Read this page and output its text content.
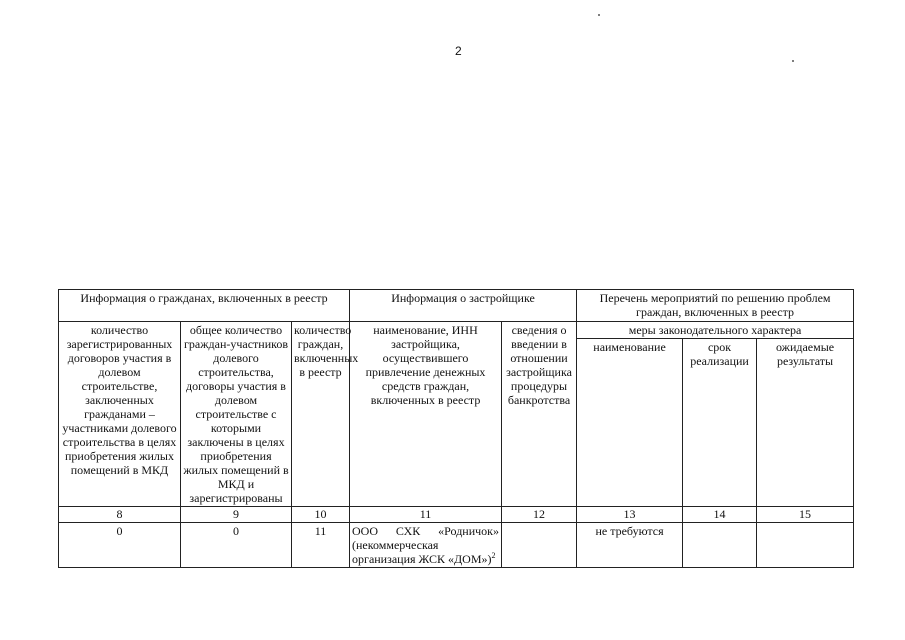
2
Информация о гражданах, включенных в реестр			Информация о застройщике		Перечень мероприятий по решению проблем граждан, включенных в реестр		
количество зарегистрированных договоров участия в долевом строительстве, заключенных гражданами – участниками долевого строительства в целях приобретения жилых помещений в МКД	общее количество граждан-участников долевого строительства, договоры участия в долевом строительстве с которыми заключены в целях приобретения жилых помещений в МКД и зарегистрированы	количество граждан, включенных в реестр	наименование, ИНН застройщика, осуществившего привлечение денежных средств граждан, включенных в реестр	сведения о введении в отношении застройщика процедуры банкротства	меры законодательного характера		
					наименование	срок реализации	ожидаемые результаты
8	9	10	11	12	13	14	15
0	0	11	ООО СХК «Родничок» (некоммерческая организация ЖСК «ДОМ»)$^2$		не требуются		
